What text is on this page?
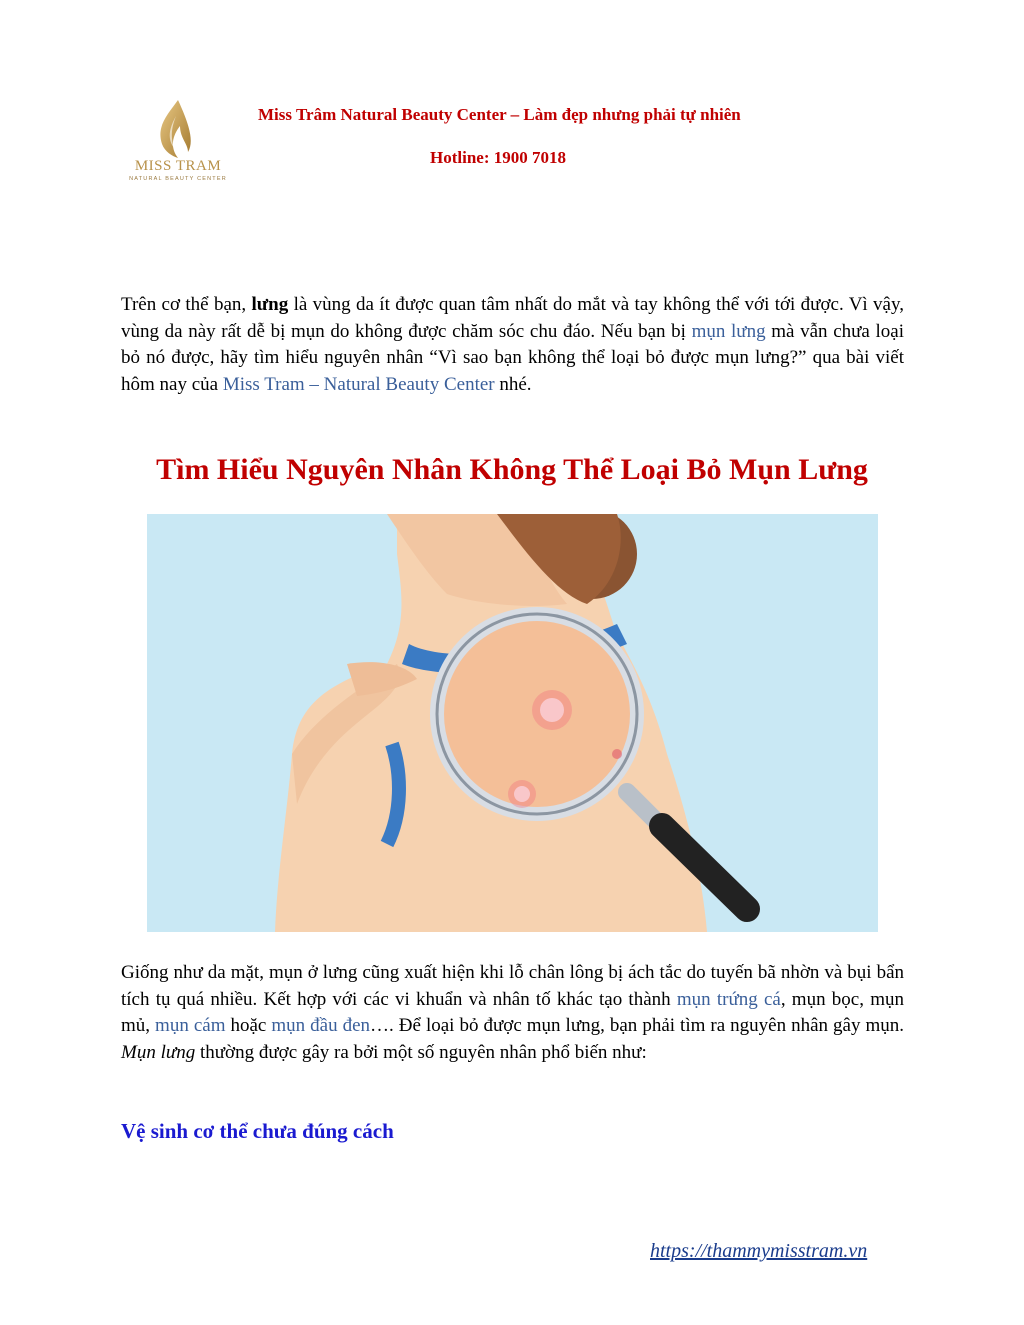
MISS TRAM
NATURAL BEAUTY CENTER
Miss Trâm Natural Beauty Center – Làm đẹp nhưng phải tự nhiên
Hotline: 1900 7018
Trên cơ thể bạn, lưng là vùng da ít được quan tâm nhất do mắt và tay không thể với tới được. Vì vậy, vùng da này rất dễ bị mụn do không được chăm sóc chu đáo. Nếu bạn bị mụn lưng mà vẫn chưa loại bỏ nó được, hãy tìm hiểu nguyên nhân “Vì sao bạn không thể loại bỏ được mụn lưng?” qua bài viết hôm nay của Miss Tram – Natural Beauty Center nhé.
Tìm Hiểu Nguyên Nhân Không Thể Loại Bỏ Mụn Lưng
Giống như da mặt, mụn ở lưng cũng xuất hiện khi lỗ chân lông bị ách tắc do tuyến bã nhờn và bụi bẩn tích tụ quá nhiều. Kết hợp với các vi khuẩn và nhân tố khác tạo thành mụn trứng cá, mụn bọc, mụn mủ, mụn cám hoặc mụn đầu đen…. Để loại bỏ được mụn lưng, bạn phải tìm ra nguyên nhân gây mụn. Mụn lưng thường được gây ra bởi một số nguyên nhân phổ biến như:
Vệ sinh cơ thể chưa đúng cách
https://thammymisstram.vn
